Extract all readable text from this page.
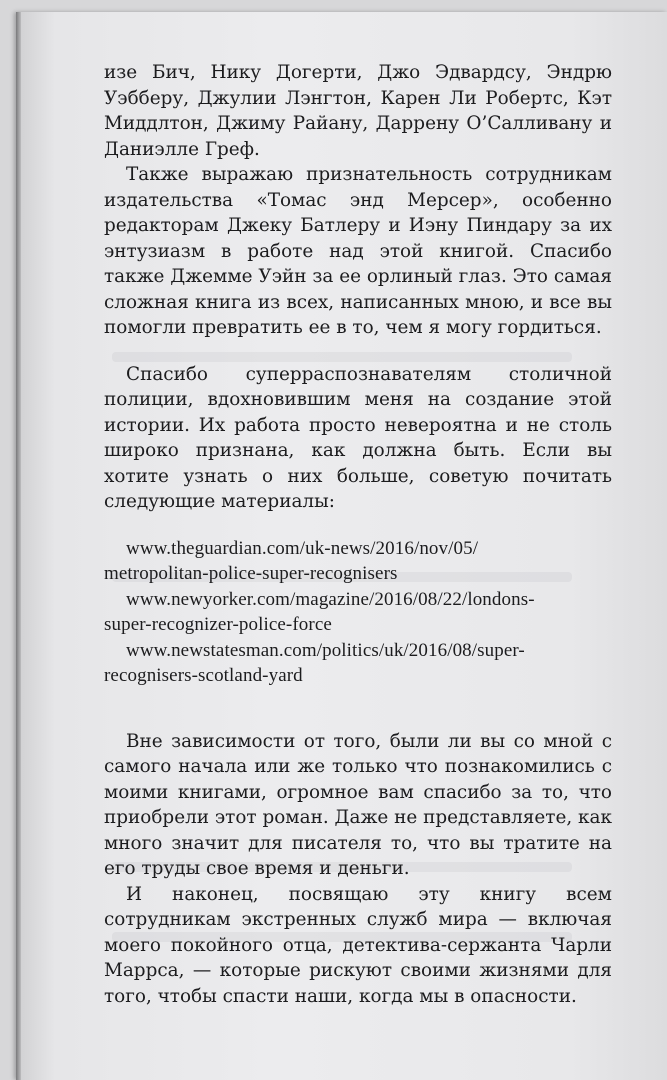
изе Бич, Нику Догерти, Джо Эдвардсу, Эндрю Уэбберу, Джулии Лэнгтон, Карен Ли Робертс, Кэт Миддлтон, Джиму Райану, Даррену О’Салливану и Даниэлле Греф.

Также выражаю признательность сотрудникам издательства «Томас энд Мерсер», особенно редакторам Джеку Батлеру и Иэну Пиндару за их энтузиазм в работе над этой книгой. Спасибо также Джемме Уэйн за ее орлиный глаз. Это самая сложная книга из всех, написанных мною, и все вы помогли превратить ее в то, чем я могу гордиться.

Спасибо суперраспознавателям столичной полиции, вдохновившим меня на создание этой истории. Их работа просто невероятна и не столь широко признана, как должна быть. Если вы хотите узнать о них больше, советую почитать следующие материалы:

www.theguardian.com/uk-news/2016/nov/05/

metropolitan-police-super-recognisers

www.newyorker.com/magazine/2016/08/22/londons-

super-recognizer-police-force

www.newstatesman.com/politics/uk/2016/08/super-

recognisers-scotland-yard

Вне зависимости от того, были ли вы со мной с самого начала или же только что познакомились с моими книгами, огромное вам спасибо за то, что приобрели этот роман. Даже не представляете, как много значит для писателя то, что вы тратите на его труды свое время и деньги.

И наконец, посвящаю эту книгу всем сотрудникам экстренных служб мира — включая моего покойного отца, детектива-сержанта Чарли Маррса, — которые рискуют своими жизнями для того, чтобы спасти наши, когда мы в опасности.
